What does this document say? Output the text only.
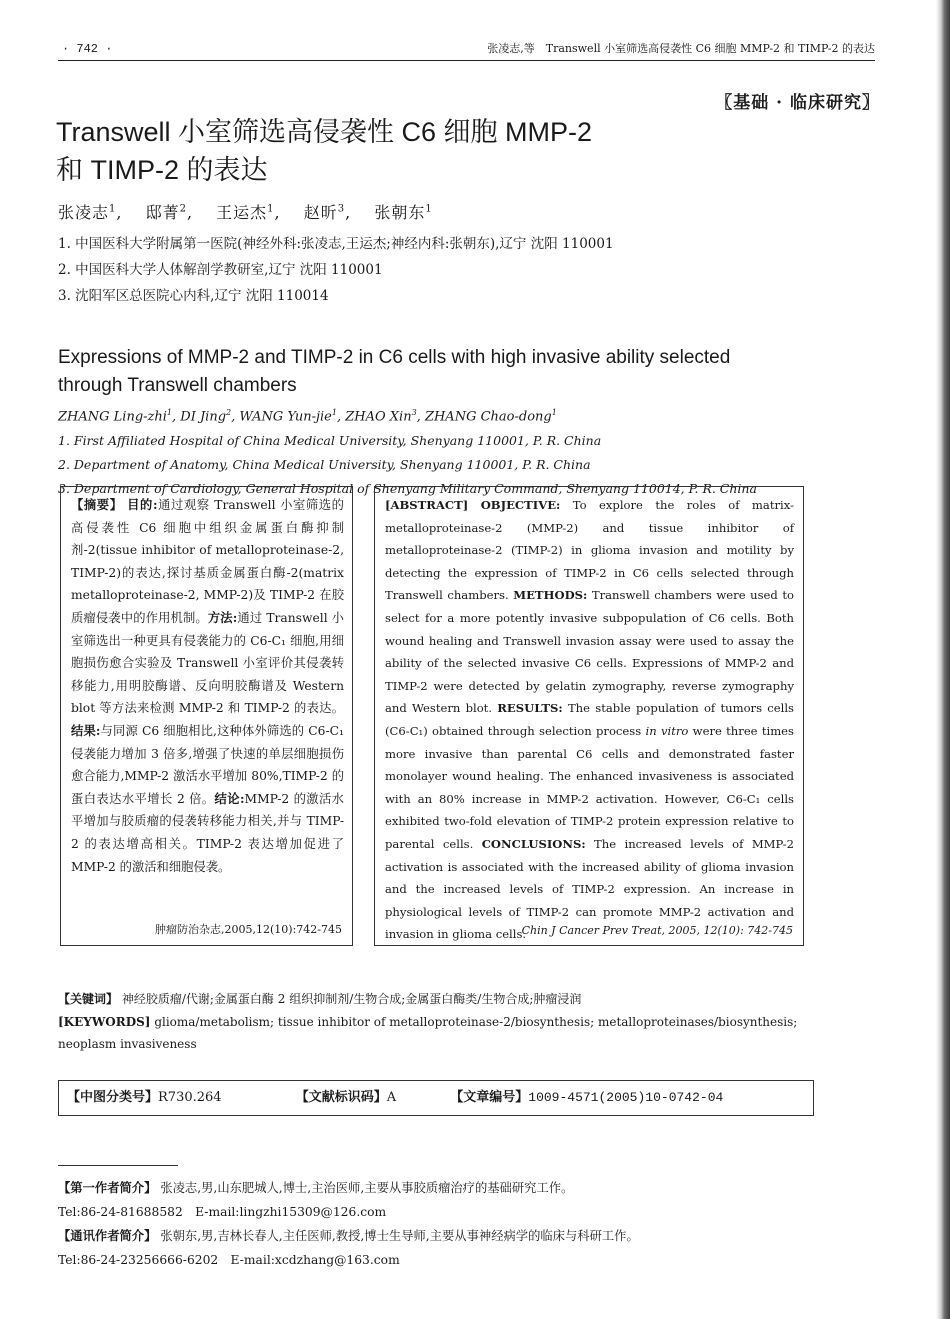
· 742 ·	张凌志,等　Transwell 小室筛选高侵袭性 C6 细胞 MMP-2 和 TIMP-2 的表达
〖基础 · 临床研究〗
Transwell 小室筛选高侵袭性 C6 细胞 MMP-2
和 TIMP-2 的表达
张凌志$^1$,　 邸菁$^2$,　 王运杰$^1$,　 赵昕$^3$,　 张朝东$^1$
1. 中国医科大学附属第一医院(神经外科:张凌志,王运杰;神经内科:张朝东),辽宁 沈阳 110001
2. 中国医科大学人体解剖学教研室,辽宁 沈阳 110001
3. 沈阳军区总医院心内科,辽宁 沈阳 110014
Expressions of MMP-2 and TIMP-2 in C6 cells with high invasive ability selected
through Transwell chambers
ZHANG Ling-zhi$^1$, DI Jing$^2$, WANG Yun-jie$^1$, ZHAO Xin$^3$, ZHANG Chao-dong$^1$
1. First Affiliated Hospital of China Medical University, Shenyang 110001, P. R. China
2. Department of Anatomy, China Medical University, Shenyang 110001, P. R. China
3. Department of Cardiology, General Hospital of Shenyang Military Command, Shenyang 110014, P. R. China

【摘要】 目的:通过观察 Transwell 小室筛选的高侵袭性 C6 细胞中组织金属蛋白酶抑制剂-2(tissue inhibitor of metalloproteinase-2, TIMP-2)的表达,探讨基质金属蛋白酶-2(matrix metalloproteinase-2, MMP-2)及 TIMP-2 在胶质瘤侵袭中的作用机制。方法:通过 Transwell 小室筛选出一种更具有侵袭能力的 C6-C₁ 细胞,用细胞损伤愈合实验及 Transwell 小室评价其侵袭转移能力,用明胶酶谱、反向明胶酶谱及 Western blot 等方法来检测 MMP-2 和 TIMP-2 的表达。结果:与同源 C6 细胞相比,这种体外筛选的 C6-C₁ 侵袭能力增加 3 倍多,增强了快速的单层细胞损伤愈合能力,MMP-2 激活水平增加 80%,TIMP-2 的蛋白表达水平增长 2 倍。结论:MMP-2 的激活水平增加与胶质瘤的侵袭转移能力相关,并与 TIMP-2 的表达增高相关。TIMP-2 表达增加促进了 MMP-2 的激活和细胞侵袭。

肿瘤防治杂志,2005,12(10):742-745

[ABSTRACT] OBJECTIVE: To explore the roles of matrix-metalloproteinase-2 (MMP-2) and tissue inhibitor of metalloproteinase-2 (TIMP-2) in glioma invasion and motility by detecting the expression of TIMP-2 in C6 cells selected through Transwell chambers. METHODS: Transwell chambers were used to select for a more potently invasive subpopulation of C6 cells. Both wound healing and Transwell invasion assay were used to assay the ability of the selected invasive C6 cells. Expressions of MMP-2 and TIMP-2 were detected by gelatin zymography, reverse zymography and Western blot. RESULTS: The stable population of tumors cells (C6-C₁) obtained through selection process in vitro were three times more invasive than parental C6 cells and demonstrated faster monolayer wound healing. The enhanced invasiveness is associated with an 80% increase in MMP-2 activation. However, C6-C₁ cells exhibited two-fold elevation of TIMP-2 protein expression relative to parental cells. CONCLUSIONS: The increased levels of MMP-2 activation is associated with the increased ability of glioma invasion and the increased levels of TIMP-2 expression. An increase in physiological levels of TIMP-2 can promote MMP-2 activation and invasion in glioma cells.

Chin J Cancer Prev Treat, 2005, 12(10): 742-745
【关键词】 神经胶质瘤/代谢;金属蛋白酶 2 组织抑制剂/生物合成;金属蛋白酶类/生物合成;肿瘤浸润
[KEYWORDS] glioma/metabolism; tissue inhibitor of metalloproteinase-2/biosynthesis; metalloproteinases/biosynthesis; neoplasm invasiveness
【中图分类号】R730.264	【文献标识码】A	【文章编号】1009-4571(2005)10-0742-04
【第一作者简介】 张凌志,男,山东肥城人,博士,主治医师,主要从事胶质瘤治疗的基础研究工作。
Tel:86-24-81688582　E-mail:lingzhi15309@126.com
【通讯作者简介】 张朝东,男,吉林长春人,主任医师,教授,博士生导师,主要从事神经病学的临床与科研工作。
Tel:86-24-23256666-6202　E-mail:xcdzhang@163.com
